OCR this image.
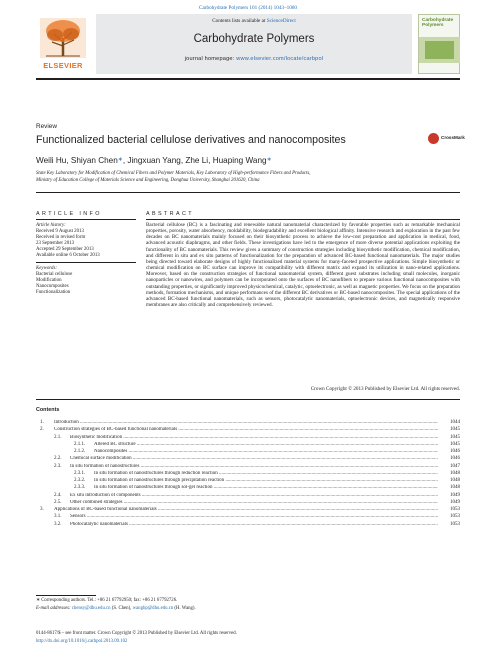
Carbohydrate Polymers 101 (2014) 1043–1060
ELSEVIER
Contents lists available at ScienceDirect
Carbohydrate Polymers
journal homepage: www.elsevier.com/locate/carbpol
Carbohydrate
Polymers
Review
Functionalized bacterial cellulose derivatives and nanocomposites	CrossMark
Weili Hu, Shiyan Chen∗, Jingxuan Yang, Zhe Li, Huaping Wang∗
State Key Laboratory for Modification of Chemical Fibers and Polymer Materials, Key Laboratory of High-performance Fibers and Products,
Ministry of Education College of Materials Science and Engineering, Donghua University, Shanghai 201620, China
ARTICLE INFO	ABSTRACT
Article history:
Received 9 August 2013
Received in revised form
23 September 2013
Accepted 29 September 2013
Available online 6 October 2013
Keywords:
Bacterial cellulose
Modification
Nanocomposites
Functionalization
Bacterial cellulose (BC) is a fascinating and renewable natural nanomaterial characterized by favorable properties such as remarkable mechanical properties, porosity, water absorbency, moldability, biodegradability and excellent biological affinity. Intensive research and exploration in the past few decades on BC nanomaterials mainly focused on their biosynthetic process to achieve the low-cost preparation and application in medical, food, advanced acoustic diaphragms, and other fields. These investigations have led to the emergence of more diverse potential applications exploiting the functionality of BC nanomaterials. This review gives a summary of construction strategies including biosynthetic modification, chemical modification, and different in situ and ex situ patterns of functionalization for the preparation of advanced BC-based functional nanomaterials. The major studies being directed toward elaborate designs of highly functionalized material systems for many-faceted prospective applications. Simple biosynthetic or chemical modification on BC surface can improve its compatibility with different matrix and expand its utilization in nano-related applications. Moreover, based on the construction strategies of functional nanomaterial system, different guest substrates including small molecules, inorganic nanoparticles or nanowires, and polymers can be incorporated onto the surfaces of BC nanofibers to prepare various functional nanocomposites with outstanding properties, or significantly improved physicochemical, catalytic, optoelectronic, as well as magnetic properties. We focus on the preparation methods, formation mechanisms, and unique performances of the different BC derivatives or BC-based nanocomposites. The special applications of the advanced BC-based functional nanomaterials, such as sensors, photocatalytic nanomaterials, optoelectronic devices, and magnetically responsive membranes are also critically and comprehensively reviewed.
Crown Copyright © 2013 Published by Elsevier Ltd. All rights reserved.
Contents
1. Introduction .....	1044
2. Construction strategies of BC-based functional nanomaterials .....	1045
2.1. Biosynthetic modification .....	1045
2.1.1. Altered BC structure .....	1045
2.1.2. Nanocomposites .....	1046
2.2. Chemical surface modification .....	1046
2.3. In situ formation of nanostructures .....	1047
2.3.1. In situ formation of nanostructures through reduction reaction .....	1048
2.3.2. In situ formation of nanostructures through precipitation reaction .....	1048
2.3.3. In situ formation of nanostructures through sol-gel reaction .....	1048
2.4. Ex situ introduction of components .....	1049
2.5. Other combined strategies .....	1049
3. Applications of BC-based functional nanomaterials .....	1053
3.1. Sensors .....	1053
3.2. Photocatalytic nanomaterials .....	1053
∗ Corresponding authors. Tel.: +86 21 67792950; fax: +86 21 67792726.
E-mail addresses: chensy@dhu.edu.cn (S. Chen), wanghp@dhu.edu.cn (H. Wang).
0144-8617/$ – see front matter. Crown Copyright © 2013 Published by Elsevier Ltd. All rights reserved.
http://dx.doi.org/10.1016/j.carbpol.2013.09.102
